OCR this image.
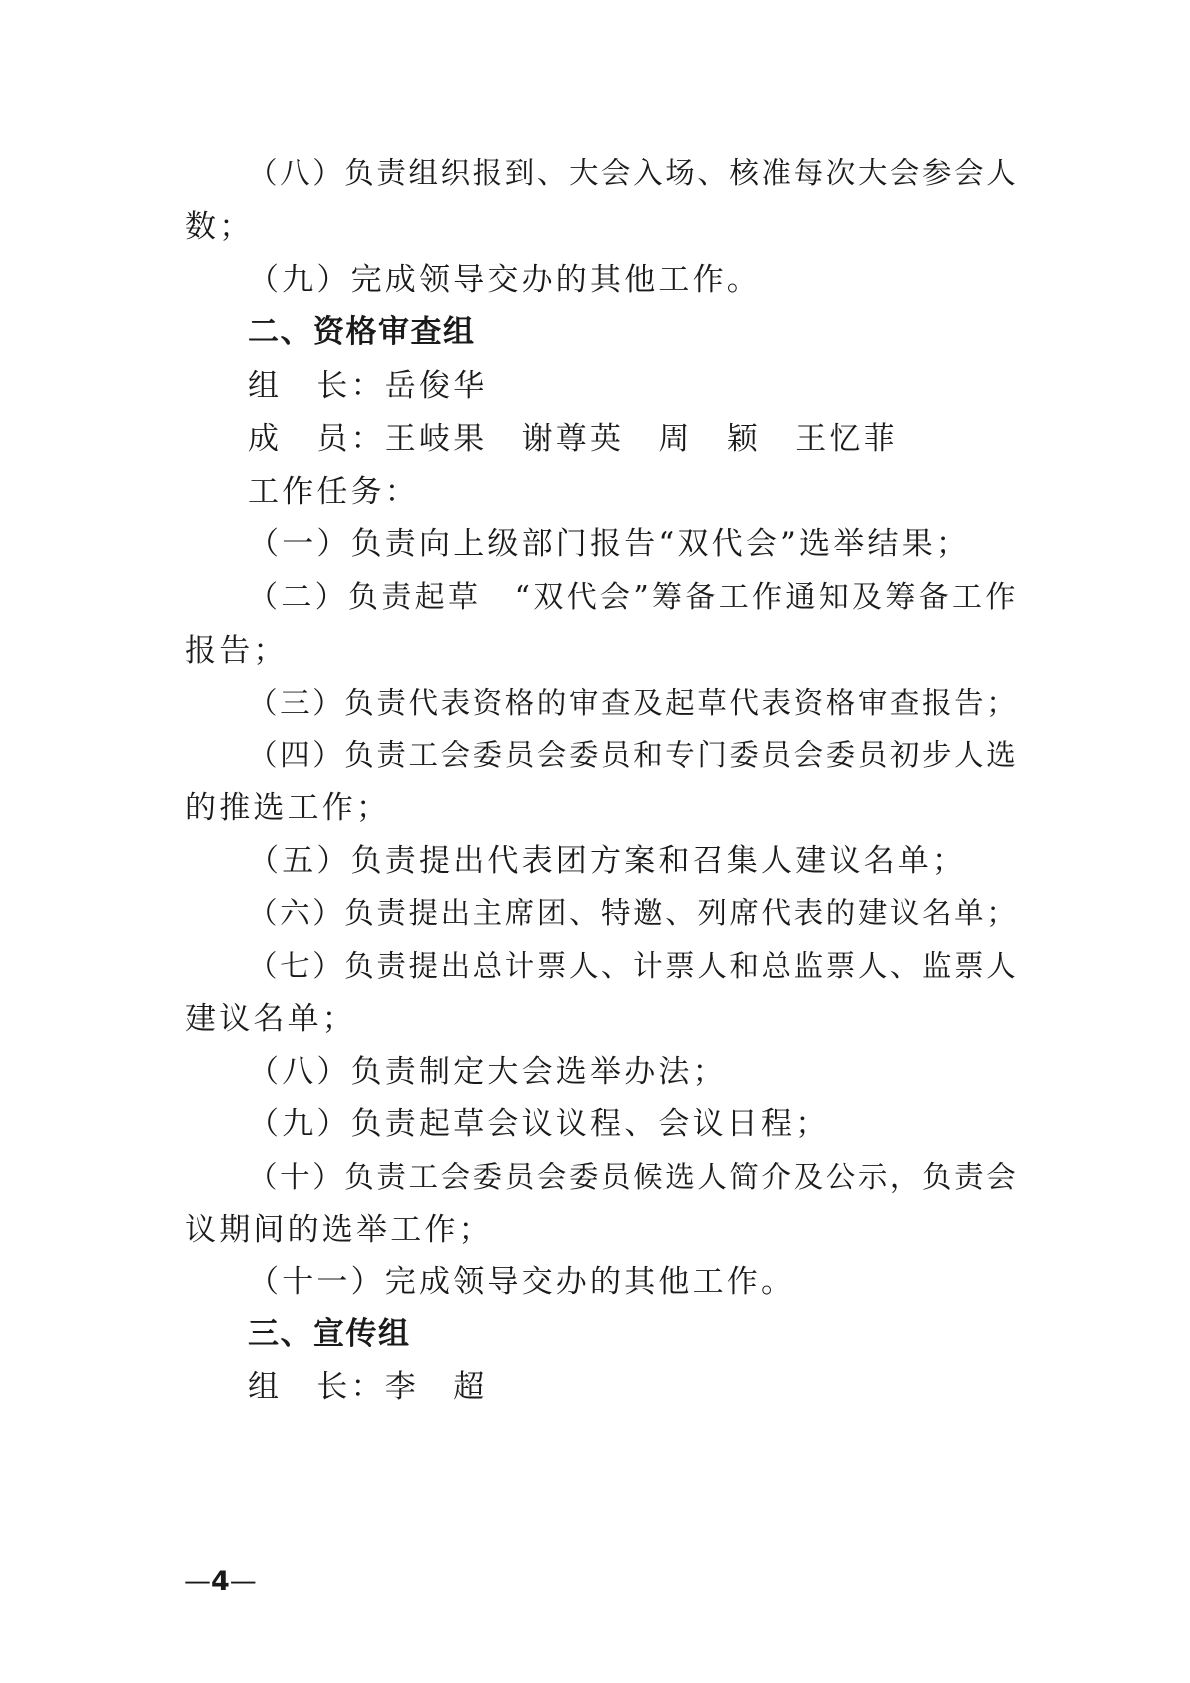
（八）负责组织报到、大会入场、核准每次大会参会人
数；
（九）完成领导交办的其他工作。
二、资格审查组
组　长：岳俊华
成　员：王岐果　谢尊英　周　颖　王忆菲
工作任务：
（一）负责向上级部门报告“双代会”选举结果；
（二）负责起草　“双代会”筹备工作通知及筹备工作
报告；
（三）负责代表资格的审查及起草代表资格审查报告；
（四）负责工会委员会委员和专门委员会委员初步人选
的推选工作；
（五）负责提出代表团方案和召集人建议名单；
（六）负责提出主席团、特邀、列席代表的建议名单；
（七）负责提出总计票人、计票人和总监票人、监票人
建议名单；
（八）负责制定大会选举办法；
（九）负责起草会议议程、会议日程；
（十）负责工会委员会委员候选人简介及公示，负责会
议期间的选举工作；
（十一）完成领导交办的其他工作。
三、宣传组
组　长：李　超
—4—
